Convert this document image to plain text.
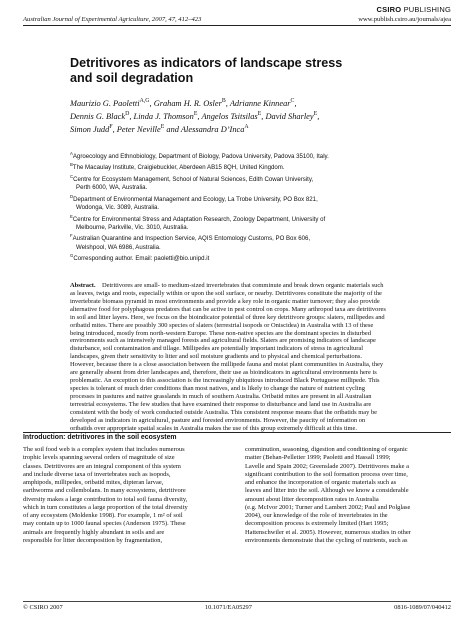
CSIRO PUBLISHING
Australian Journal of Experimental Agriculture, 2007, 47, 412–423	www.publish.csiro.au/journals/ajea
Detritivores as indicators of landscape stress
and soil degradation
Maurizio G. Paoletti$^{A,G}$, Graham H. R. Osler$^B$, Adrianne Kinnear$^C$,
Dennis G. Black$^D$, Linda J. Thomson$^E$, Angelos Tsitsilas$^E$, David Sharley$^E$,
Simon Judd$^F$, Peter Neville$^E$ and Alessandra D’Inca$^A$
$^A$Agroecology and Ethnobiology, Department of Biology, Padova University, Padova 35100, Italy.
$^B$The Macaulay Institute, Craigiebuckler, Aberdeen AB15 8QH, United Kingdom.
$^C$Centre for Ecosystem Management, School of Natural Sciences, Edith Cowan University,
Perth 6000, WA, Australia.
$^D$Department of Environmental Management and Ecology, La Trobe University, PO Box 821,
Wodonga, Vic. 3089, Australia.
$^E$Centre for Environmental Stress and Adaptation Research, Zoology Department, University of
Melbourne, Parkville, Vic. 3010, Australia.
$^F$Australian Quarantine and Inspection Service, AQIS Entomology Customs, PO Box 606,
Welshpool, WA 6986, Australia.
$^G$Corresponding author. Email: paoletti@bio.unipd.it
Abstract. Detritivores are small- to medium-sized invertebrates that comminute and break down organic materials such
as leaves, twigs and roots, especially within or upon the soil surface, or nearby. Detritivores constitute the majority of the
invertebrate biomass pyramid in most environments and provide a key role in organic matter turnover; they also provide
alternative food for polyphagous predators that can be active in pest control on crops. Many arthropod taxa are detritivores
in soil and litter layers. Here, we focus on the bioindicator potential of three key detritivore groups: slaters, millipedes and
oribatid mites. There are possibly 300 species of slaters (terrestrial isopods or Oniscidea) in Australia with 13 of these
being introduced, mostly from north-western Europe. These non-native species are the dominant species in disturbed
environments such as intensively managed forests and agricultural fields. Slaters are promising indicators of landscape
disturbance, soil contamination and tillage. Millipedes are potentially important indicators of stress in agricultural
landscapes, given their sensitivity to litter and soil moisture gradients and to physical and chemical perturbations.
However, because there is a close association between the millipede fauna and moist plant communities in Australia, they
are generally absent from drier landscapes and, therefore, their use as bioindicators in agricultural environments here is
problematic. An exception to this association is the increasingly ubiquitous introduced Black Portuguese millipede. This
species is tolerant of much drier conditions than most natives, and is likely to change the nature of nutrient cycling
processes in pastures and native grasslands in much of southern Australia. Oribatid mites are present in all Australian
terrestrial ecosystems. The few studies that have examined their response to disturbance and land use in Australia are
consistent with the body of work conducted outside Australia. This consistent response means that the oribatids may be
developed as indicators in agricultural, pasture and forested environments. However, the paucity of information on
oribatids over appropriate spatial scales in Australia makes the use of this group extremely difficult at this time.
Introduction: detritivores in the soil ecosystem
The soil food web is a complex system that includes numerous
trophic levels spanning several orders of magnitude of size
classes. Detritivores are an integral component of this system
and include diverse taxa of invertebrates such as isopods,
amphipods, millipedes, oribatid mites, dipteran larvae,
earthworms and collembolans. In many ecosystems, detritivore
diversity makes a large contribution to total soil fauna diversity,
which in turn constitutes a large proportion of the total diversity
of any ecosystem (Moldenke 1998). For example, 1 m² of soil
may contain up to 1000 faunal species (Anderson 1975). These
animals are frequently highly abundant in soils and are
responsible for litter decomposition by fragmentation,
comminution, seasoning, digestion and conditioning of organic
matter (Behan-Pelletier 1999; Paoletti and Hassall 1999;
Lavelle and Spain 2002; Greenslade 2007). Detritivores make a
significant contribution to the soil formation process over time,
and enhance the incorporation of organic materials such as
leaves and litter into the soil. Although we know a considerable
amount about litter decomposition rates in Australia
(e.g. McIvor 2001; Turner and Lambert 2002; Paul and Polglase
2004), our knowledge of the role of invertebrates in the
decomposition process is extremely limited (Hart 1995;
Hattenschwiler et al. 2005). However, numerous studies in other
environments demonstrate that the cycling of nutrients, such as
© CSIRO 2007	10.1071/EA05297	0816-1089/07/040412
